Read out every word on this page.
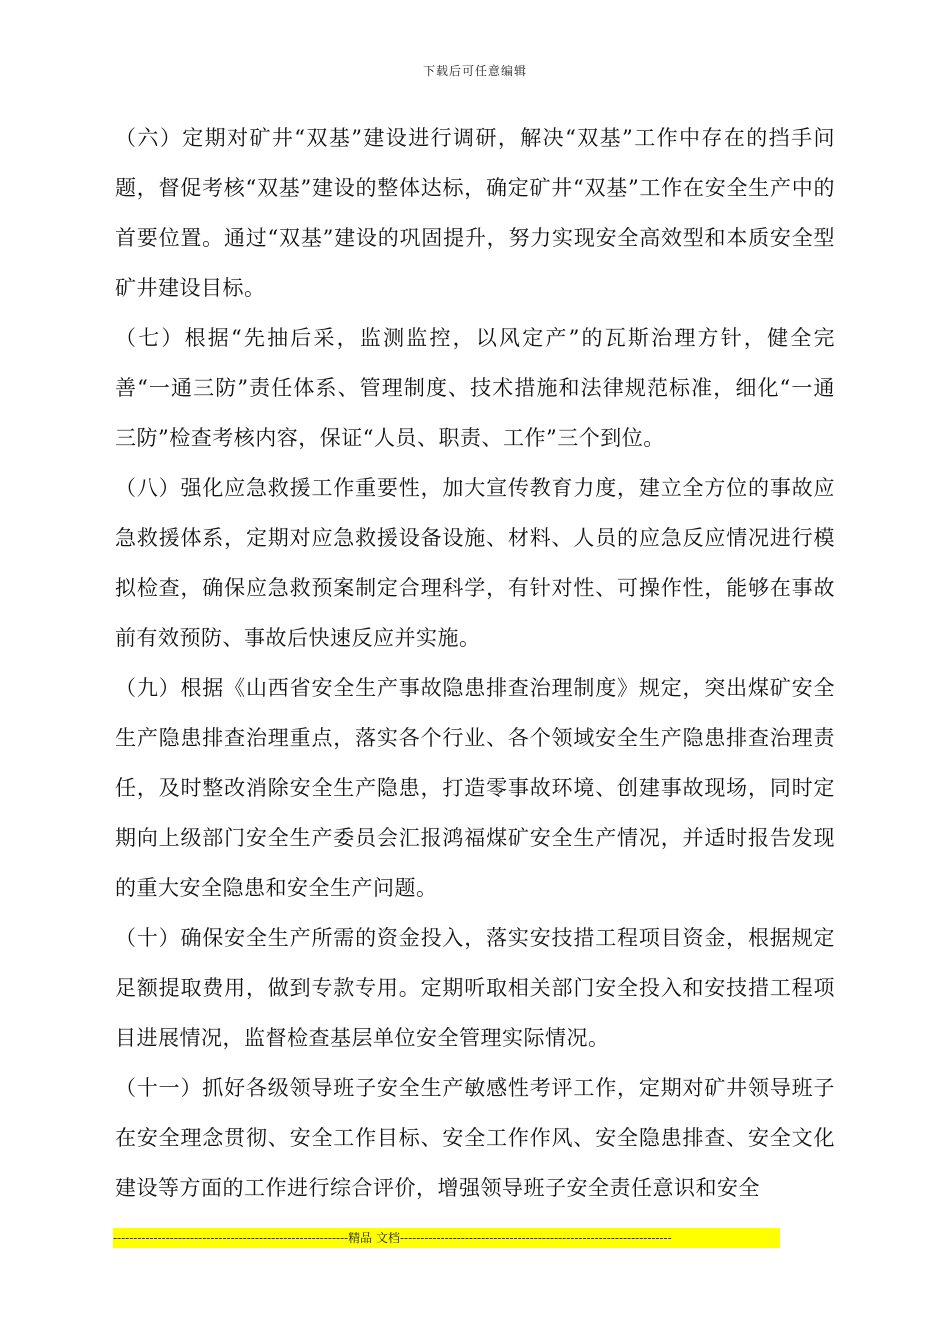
下载后可任意编辑

（六）定期对矿井“双基”建设进行调研，解决“双基”工作中存在的挡手问题，督促考核“双基”建设的整体达标，确定矿井“双基”工作在安全生产中的首要位置。通过“双基”建设的巩固提升，努力实现安全高效型和本质安全型矿井建设目标。

（七）根据“先抽后采，监测监控，以风定产”的瓦斯治理方针，健全完善“一通三防”责任体系、管理制度、技术措施和法律规范标准，细化“一通三防”检查考核内容，保证“人员、职责、工作”三个到位。

（八）强化应急救援工作重要性，加大宣传教育力度，建立全方位的事故应急救援体系，定期对应急救援设备设施、材料、人员的应急反应情况进行模拟检查，确保应急救预案制定合理科学，有针对性、可操作性，能够在事故前有效预防、事故后快速反应并实施。

（九）根据《山西省安全生产事故隐患排查治理制度》规定，突出煤矿安全生产隐患排查治理重点，落实各个行业、各个领域安全生产隐患排查治理责任，及时整改消除安全生产隐患，打造零事故环境、创建事故现场，同时定期向上级部门安全生产委员会汇报鸿福煤矿安全生产情况，并适时报告发现的重大安全隐患和安全生产问题。

（十）确保安全生产所需的资金投入，落实安技措工程项目资金，根据规定足额提取费用，做到专款专用。定期听取相关部门安全投入和安技措工程项目进展情况，监督检查基层单位安全管理实际情况。

（十一）抓好各级领导班子安全生产敏感性考评工作，定期对矿井领导班子在安全理念贯彻、安全工作目标、安全工作作风、安全隐患排查、安全文化建设等方面的工作进行综合评价，增强领导班子安全责任意识和安全

----------------------------------------------------------精品 文档-------------------------------------------------------------------
